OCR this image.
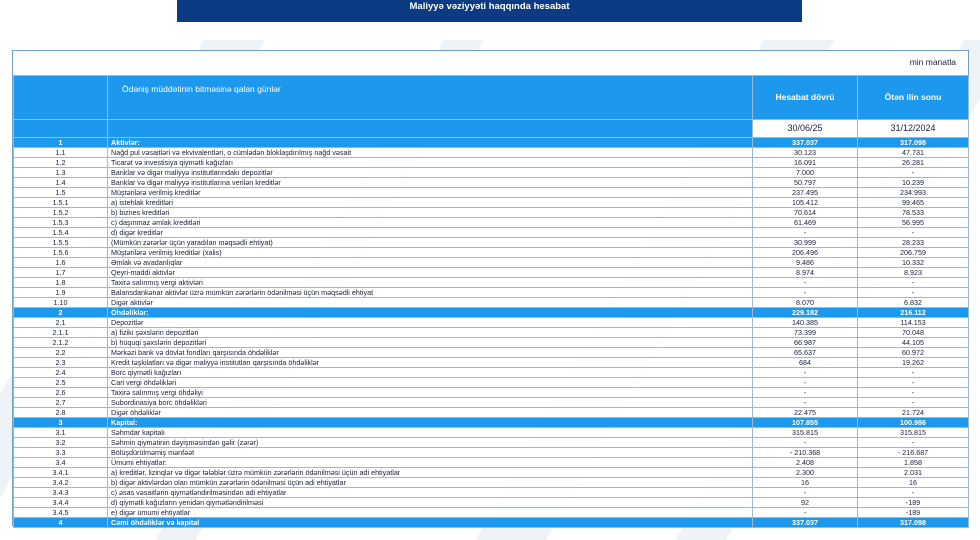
Maliyyə vəziyyəti haqqında hesabat
min manatla
	Ödəniş müddətinin bitməsinə qalan günlər	Hesabat dövrü	Ötən ilin sonu
		30/06/25	31/12/2024
1	Aktivlər:	337.037	317.098
1.1	Nağd pul vəsaitləri və ekvivalentləri, o cümlədən bloklaşdırılmış nağd vəsait	30.123	47.731
1.2	Ticarət və investisiya qiymətli kağızları	16.091	26.281
1.3	Banklar və digər maliyyə institutlarındakı depozitlər	7.000	-
1.4	Banklar və digər maliyyə institutlarına verilən kreditlər	50.797	10.239
1.5	Müştərilərə verilmiş kreditlər	237.495	234.993
1.5.1	a) istehlak kreditləri	105.412	99.465
1.5.2	b) biznes kreditləri	70.614	78.533
1.5.3	c) daşınmaz əmlak kreditləri	61.469	56.995
1.5.4	d) digər kreditlər	-	-
1.5.5	(Mümkün zərərlər üçün yaradılan məqsədli ehtiyat)	30.999	28.233
1.5.6	Müştərilərə verilmiş kreditlər (xalis)	206.496	206.759
1.6	Əmlak və avadanlıqlar	9.486	10.332
1.7	Qeyri-maddi aktivlər	8.974	8.923
1.8	Taxirə salınmış vergi aktivləri	-	-
1.9	Balansdankənar aktivlər üzrə mümkün zərərlərin ödənilməsi üçün məqsədli ehtiyat	-	-
1.10	Digər aktivlər	8.070	6.832
2	Öhdəliklər:	229.182	216.112
2.1	Depozitlər	140.385	114.153
2.1.1	a) fiziki şəxslərin depozitləri	73.399	70.048
2.1.2	b) hüquqi şəxslərin depozitləri	66.987	44.105
2.2	Mərkəzi bank və dövlət fondları qarşısında öhdəliklər	65.637	60.972
2.3	Kredit təşkilatları və digər maliyyə institutları qarşısında öhdəliklər	684	19.262
2.4	Borc qiymətli kağızları	-	-
2.5	Cari vergi öhdəlikləri	-	-
2.6	Taxirə salınmış vergi öhdəliyi	-	-
2.7	Subordinasiya borc öhdəlikləri	-	-
2.8	Digər öhdəliklər	22.475	21.724
3	Kapital:	107.855	100.986
3.1	Səhmdar kapitalı	315.815	315.815
3.2	Səhmin qiymətinin dəyişməsindən gəlir (zərər)	-	-
3.3	Bölüşdürülməmiş mənfəət	- 210.368	- 216.687
3.4	Ümumi ehtiyatlar:	2.408	1.858
3.4.1	a) kreditlər, lizinqlər və digər tələblər üzrə mümkün zərərlərin ödənilməsi üçün adi ehtiyatlar	2.300	2.031
3.4.2	b) digər aktivlərdən olan mümkün zərərlərin ödənilməsi üçün adi ehtiyatlar	16	16
3.4.3	c) əsas vəsaitlərin qiymətləndirilməsindən adi ehtiyatlar	-	-
3.4.4	d) qiymətli kağızların yenidən qiymətləndirilməsi	92	-189
3.4.5	e) digər ümumi ehtiyatlar	-	-189
4	Cəmi öhdəliklər və kapital	337.037	317.098
